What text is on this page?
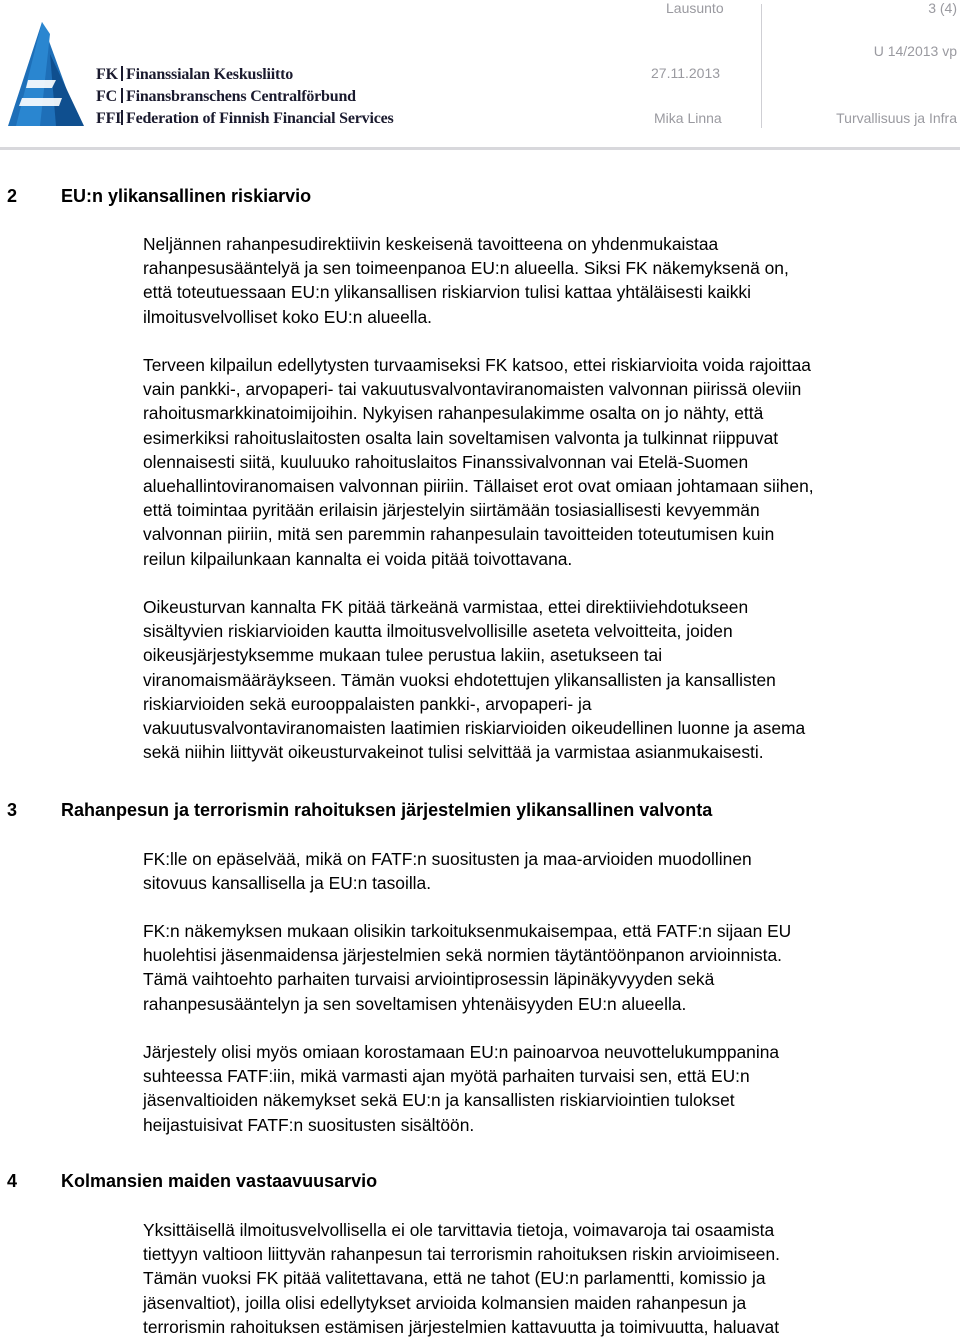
FK Finanssialan Keskusliitto
FC Finansbranschens Centralförbund
FFI Federation of Finnish Financial Services
Lausunto	3 (4)
U 14/2013 vp
27.11.2013
Mika Linna	Turvallisuus ja Infra
2 EU:n ylikansallinen riskiarvio
Neljännen rahanpesudirektiivin keskeisenä tavoitteena on yhdenmukaistaa
rahanpesusääntelyä ja sen toimeenpanoa EU:n alueella. Siksi FK näkemyksenä on,
että toteutuessaan EU:n ylikansallisen riskiarvion tulisi kattaa yhtäläisesti kaikki
ilmoitusvelvolliset koko EU:n alueella.
Terveen kilpailun edellytysten turvaamiseksi FK katsoo, ettei riskiarvioita voida rajoittaa
vain pankki-, arvopaperi- tai vakuutusvalvontaviranomaisten valvonnan piirissä oleviin
rahoitusmarkkinatoimijoihin. Nykyisen rahanpesulakimme osalta on jo nähty, että
esimerkiksi rahoituslaitosten osalta lain soveltamisen valvonta ja tulkinnat riippuvat
olennaisesti siitä, kuuluuko rahoituslaitos Finanssivalvonnan vai Etelä-Suomen
aluehallintoviranomaisen valvonnan piiriin. Tällaiset erot ovat omiaan johtamaan siihen,
että toimintaa pyritään erilaisin järjestelyin siirtämään tosiasiallisesti kevyemmän
valvonnan piiriin, mitä sen paremmin rahanpesulain tavoitteiden toteutumisen kuin
reilun kilpailunkaan kannalta ei voida pitää toivottavana.
Oikeusturvan kannalta FK pitää tärkeänä varmistaa, ettei direktiiviehdotukseen
sisältyvien riskiarvioiden kautta ilmoitusvelvollisille aseteta velvoitteita, joiden
oikeusjärjestyksemme mukaan tulee perustua lakiin, asetukseen tai
viranomaismääräykseen. Tämän vuoksi ehdotettujen ylikansallisten ja kansallisten
riskiarvioiden sekä eurooppalaisten pankki-, arvopaperi- ja
vakuutusvalvontaviranomaisten laatimien riskiarvioiden oikeudellinen luonne ja asema
sekä niihin liittyvät oikeusturvakeinot tulisi selvittää ja varmistaa asianmukaisesti.
3 Rahanpesun ja terrorismin rahoituksen järjestelmien ylikansallinen valvonta
FK:lle on epäselvää, mikä on FATF:n suositusten ja maa-arvioiden muodollinen
sitovuus kansallisella ja EU:n tasoilla.
FK:n näkemyksen mukaan olisikin tarkoituksenmukaisempaa, että FATF:n sijaan EU
huolehtisi jäsenmaidensa järjestelmien sekä normien täytäntöönpanon arvioinnista.
Tämä vaihtoehto parhaiten turvaisi arviointiprosessin läpinäkyvyyden sekä
rahanpesusääntelyn ja sen soveltamisen yhtenäisyyden EU:n alueella.
Järjestely olisi myös omiaan korostamaan EU:n painoarvoa neuvottelukumppanina
suhteessa FATF:iin, mikä varmasti ajan myötä parhaiten turvaisi sen, että EU:n
jäsenvaltioiden näkemykset sekä EU:n ja kansallisten riskiarviointien tulokset
heijastuisivat FATF:n suositusten sisältöön.
4 Kolmansien maiden vastaavuusarvio
Yksittäisellä ilmoitusvelvollisella ei ole tarvittavia tietoja, voimavaroja tai osaamista
tiettyyn valtioon liittyvän rahanpesun tai terrorismin rahoituksen riskin arvioimiseen.
Tämän vuoksi FK pitää valitettavana, että ne tahot (EU:n parlamentti, komissio ja
jäsenvaltiot), joilla olisi edellytykset arvioida kolmansien maiden rahanpesun ja
terrorismin rahoituksen estämisen järjestelmien kattavuutta ja toimivuutta, haluavat
